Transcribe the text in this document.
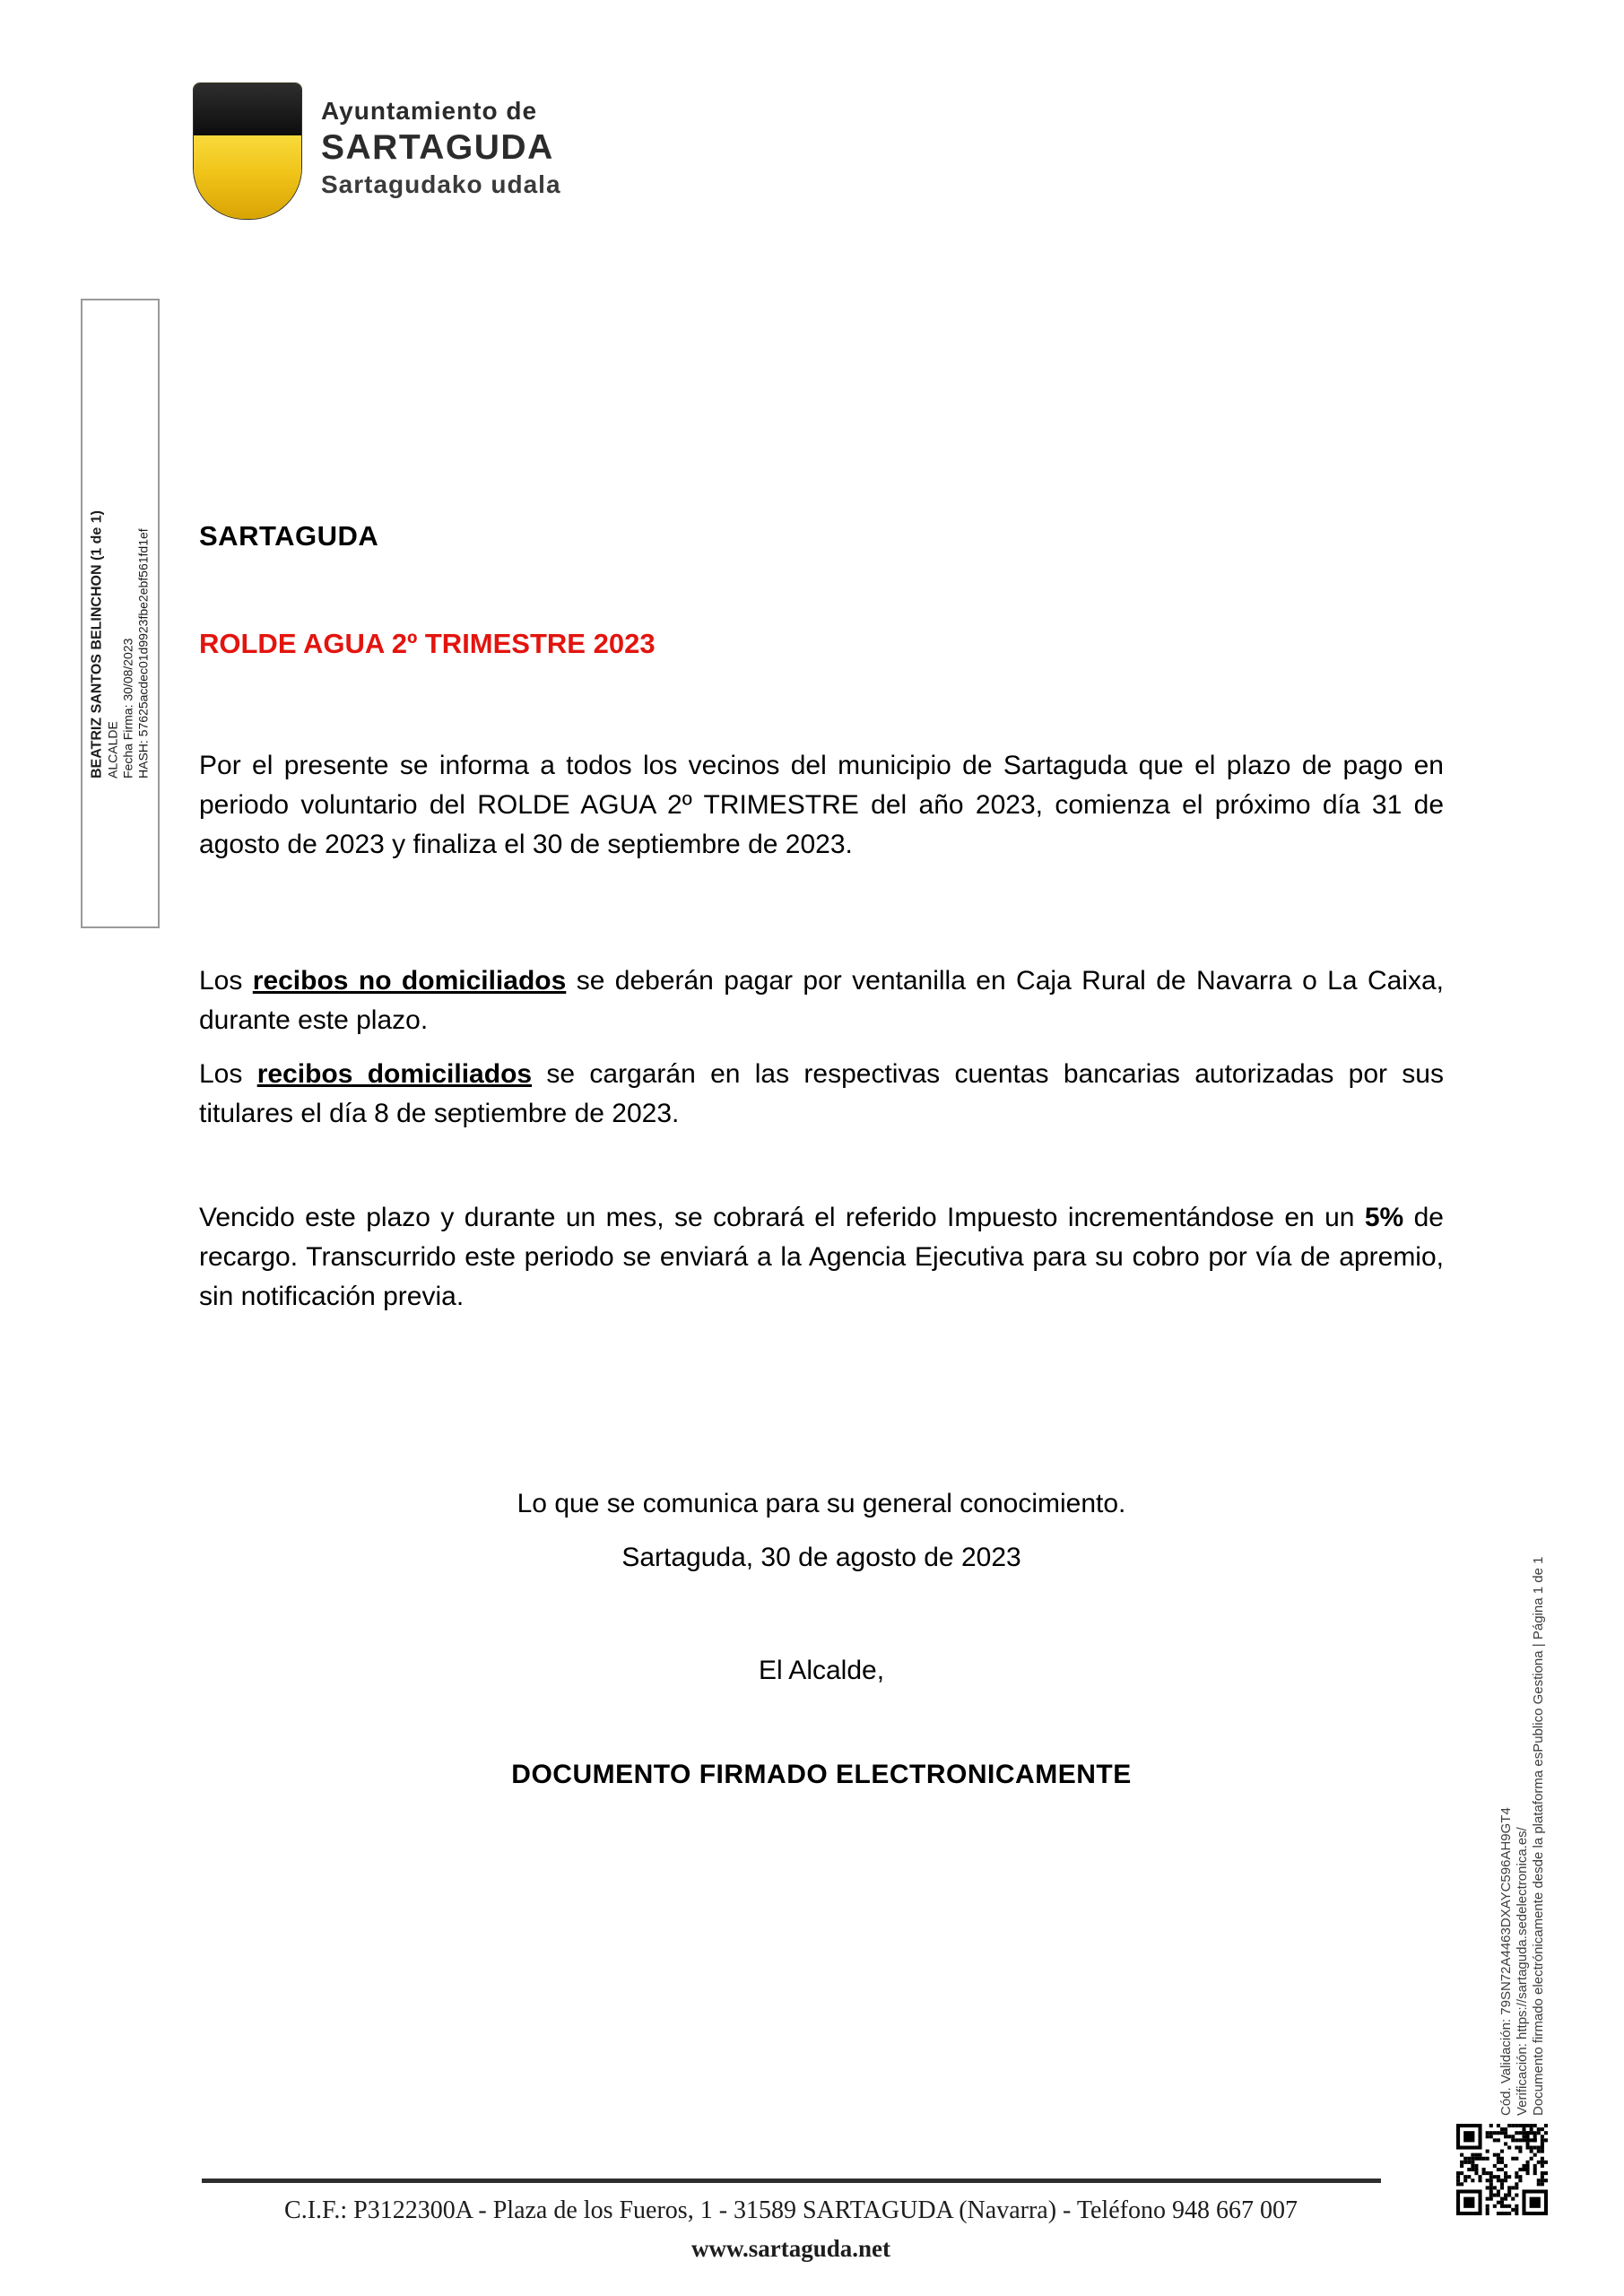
Ayuntamiento de
SARTAGUDA
Sartagudako udala
BEATRIZ SANTOS BELINCHON (1 de 1) ALCALDE Fecha Firma: 30/08/2023 HASH: 57625acdec01d9923fbe2ebf561fd1ef SARTAGUDA
ROLDE AGUA 2º TRIMESTRE 2023
Por el presente se informa a todos los vecinos del municipio de Sartaguda que el plazo de pago en periodo voluntario del ROLDE AGUA 2º TRIMESTRE del año 2023, comienza el próximo día 31 de agosto de 2023 y finaliza el 30 de septiembre de 2023.
Los recibos no domiciliados se deberán pagar por ventanilla en Caja Rural de Navarra o La Caixa, durante este plazo.
Los recibos domiciliados se cargarán en las respectivas cuentas bancarias autorizadas por sus titulares el día 8 de septiembre de 2023.
Vencido este plazo y durante un mes, se cobrará el referido Impuesto incrementándose en un 5% de recargo. Transcurrido este periodo se enviará a la Agencia Ejecutiva para su cobro por vía de apremio, sin notificación previa.
Lo que se comunica para su general conocimiento.
Sartaguda, 30 de agosto de 2023
El Alcalde,
DOCUMENTO FIRMADO ELECTRONICAMENTE
Cód. Validación: 79SN72A4463DXAYC596AH9GT4 Verificación: https://sartaguda.sedelectronica.es/ Documento firmado electrónicamente desde la plataforma esPublico Gestiona | Página 1 de 1
C.I.F.: P3122300A - Plaza de los Fueros, 1 - 31589 SARTAGUDA (Navarra) - Teléfono 948 667 007
www.sartaguda.net
